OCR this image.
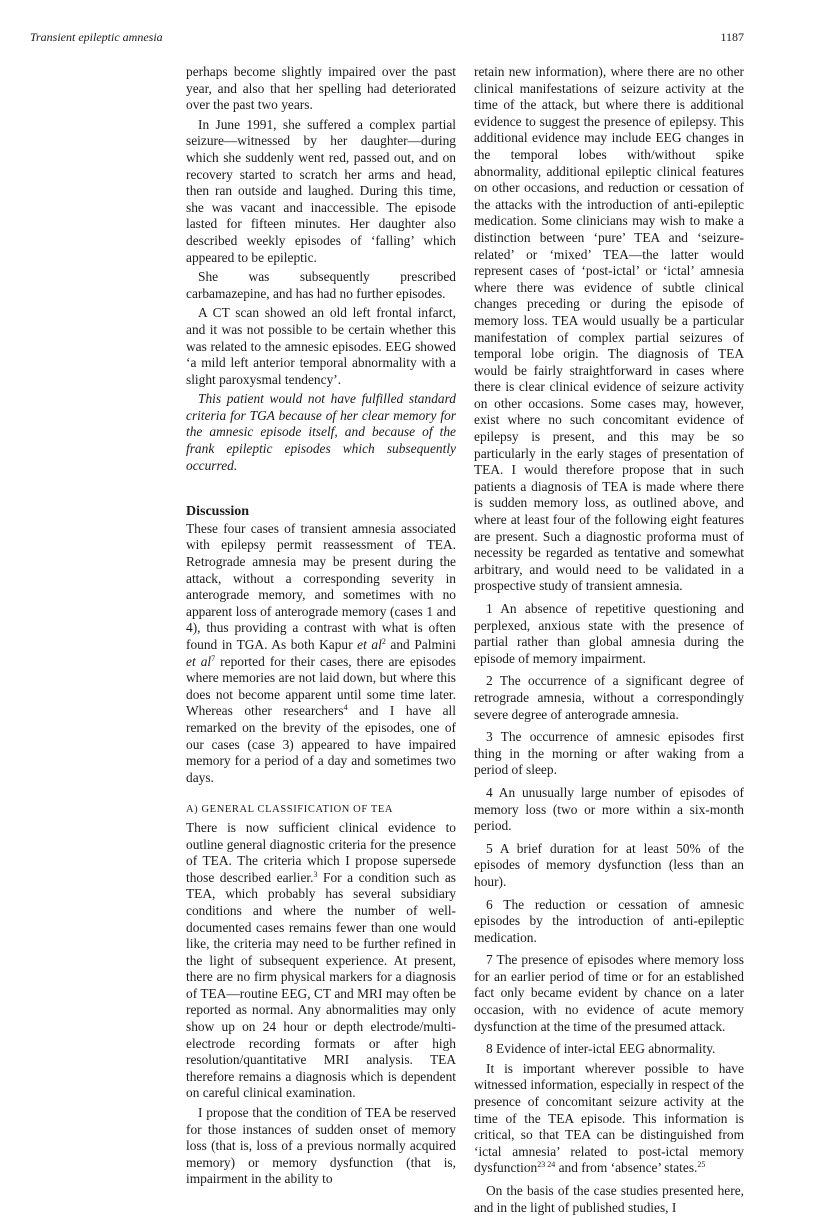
Transient epileptic amnesia	1187

perhaps become slightly impaired over the past year, and also that her spelling had deteriorated over the past two years.

In June 1991, she suffered a complex partial seizure—witnessed by her daughter—during which she suddenly went red, passed out, and on recovery started to scratch her arms and head, then ran outside and laughed. During this time, she was vacant and inaccessible. The episode lasted for fifteen minutes. Her daughter also described weekly episodes of ‘falling’ which appeared to be epileptic.

She was subsequently prescribed carbamazepine, and has had no further episodes.

A CT scan showed an old left frontal infarct, and it was not possible to be certain whether this was related to the amnesic episodes. EEG showed ‘a mild left anterior temporal abnormality with a slight paroxysmal tendency’.

This patient would not have fulfilled standard criteria for TGA because of her clear memory for the amnesic episode itself, and because of the frank epileptic episodes which subsequently occurred.

Discussion

These four cases of transient amnesia associated with epilepsy permit reassessment of TEA. Retrograde amnesia may be present during the attack, without a corresponding severity in anterograde memory, and sometimes with no apparent loss of anterograde memory (cases 1 and 4), thus providing a contrast with what is often found in TGA. As both Kapur et $al^2$ and Palmini et $al^7$ reported for their cases, there are episodes where memories are not laid down, but where this does not become apparent until some time later. Whereas other researchers$^4$ and I have all remarked on the brevity of the episodes, one of our cases (case 3) appeared to have impaired memory for a period of a day and sometimes two days.

A) GENERAL CLASSIFICATION OF TEA

There is now sufficient clinical evidence to outline general diagnostic criteria for the presence of TEA. The criteria which I propose supersede those described earlier.$^3$ For a condition such as TEA, which probably has several subsidiary conditions and where the number of well-documented cases remains fewer than one would like, the criteria may need to be further refined in the light of subsequent experience. At present, there are no firm physical markers for a diagnosis of TEA—routine EEG, CT and MRI may often be reported as normal. Any abnormalities may only show up on 24 hour or depth electrode/multi-electrode recording formats or after high resolution/quantitative MRI analysis. TEA therefore remains a diagnosis which is dependent on careful clinical examination.

I propose that the condition of TEA be reserved for those instances of sudden onset of memory loss (that is, loss of a previous normally acquired memory) or memory dysfunction (that is, impairment in the ability to

retain new information), where there are no other clinical manifestations of seizure activity at the time of the attack, but where there is additional evidence to suggest the presence of epilepsy. This additional evidence may include EEG changes in the temporal lobes with/without spike abnormality, additional epileptic clinical features on other occasions, and reduction or cessation of the attacks with the introduction of anti-epileptic medication. Some clinicians may wish to make a distinction between ‘pure’ TEA and ‘seizure-related’ or ‘mixed’ TEA—the latter would represent cases of ‘post-ictal’ or ‘ictal’ amnesia where there was evidence of subtle clinical changes preceding or during the episode of memory loss. TEA would usually be a particular manifestation of complex partial seizures of temporal lobe origin. The diagnosis of TEA would be fairly straightforward in cases where there is clear clinical evidence of seizure activity on other occasions. Some cases may, however, exist where no such concomitant evidence of epilepsy is present, and this may be so particularly in the early stages of presentation of TEA. I would therefore propose that in such patients a diagnosis of TEA is made where there is sudden memory loss, as outlined above, and where at least four of the following eight features are present. Such a diagnostic proforma must of necessity be regarded as tentative and somewhat arbitrary, and would need to be validated in a prospective study of transient amnesia.

1 An absence of repetitive questioning and perplexed, anxious state with the presence of partial rather than global amnesia during the episode of memory impairment.

2 The occurrence of a significant degree of retrograde amnesia, without a correspondingly severe degree of anterograde amnesia.

3 The occurrence of amnesic episodes first thing in the morning or after waking from a period of sleep.

4 An unusually large number of episodes of memory loss (two or more within a six-month period.

5 A brief duration for at least 50% of the episodes of memory dysfunction (less than an hour).

6 The reduction or cessation of amnesic episodes by the introduction of anti-epileptic medication.

7 The presence of episodes where memory loss for an earlier period of time or for an established fact only became evident by chance on a later occasion, with no evidence of acute memory dysfunction at the time of the presumed attack.

8 Evidence of inter-ictal EEG abnormality.

It is important wherever possible to have witnessed information, especially in respect of the presence of concomitant seizure activity at the time of the TEA episode. This information is critical, so that TEA can be distinguished from ‘ictal amnesia’ related to post-ictal memory dysfunction$^{23 24}$ and from ‘absence’ states.$^{25}$

On the basis of the case studies presented here, and in the light of published studies, I
